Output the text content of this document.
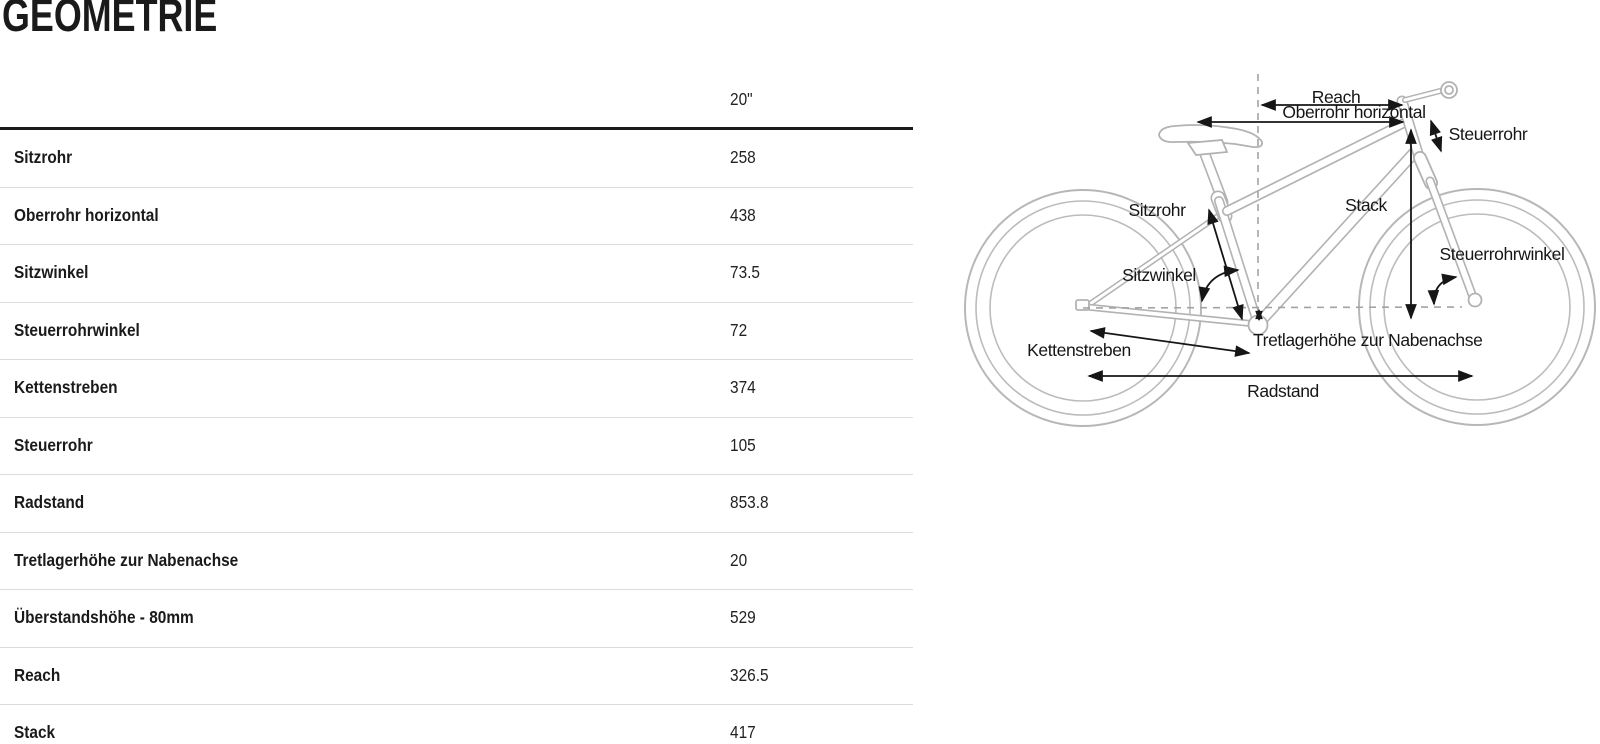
GEOMETRIE
20"
Sitzrohr	258
Oberrohr horizontal	438
Sitzwinkel	73.5
Steuerrohrwinkel	72
Kettenstreben	374
Steuerrohr	105
Radstand	853.8
Tretlagerhöhe zur Nabenachse	20
Überstandshöhe - 80mm	529
Reach	326.5
Stack	417
Reach
Oberrohr horizontal
Steuerrohr
Sitzrohr	Stack
Sitzwinkel
Steuerrohrwinkel
Tretlagerhöhe zur Nabenachse
Kettenstreben
Radstand
